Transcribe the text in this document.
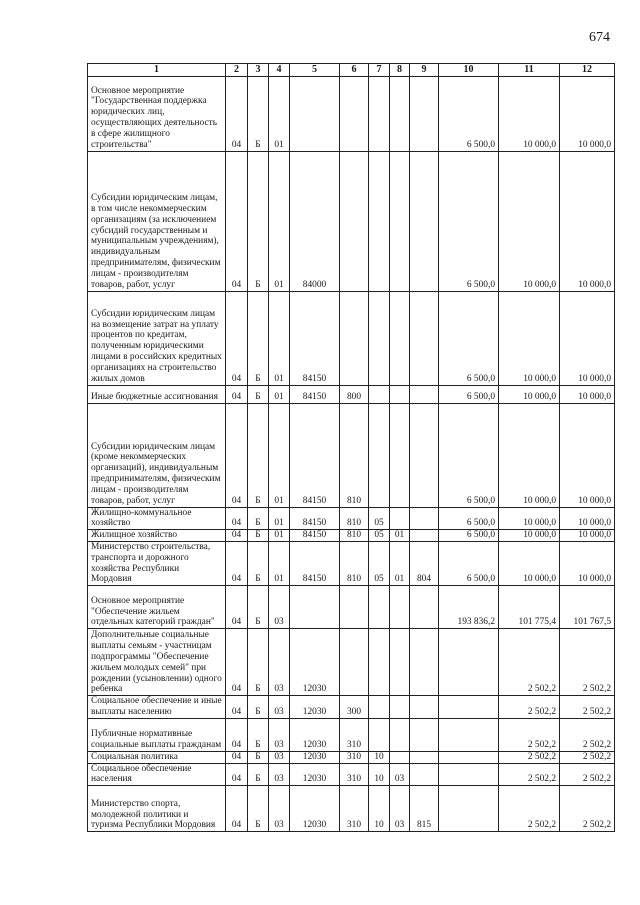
674
1	2	3	4	5	6	7	8	9	10	11	12
Основное мероприятие "Государственная поддержка юридических лиц, осуществляющих деятельность в сфере жилищного строительства"	04	Б	01						6 500,0	10 000,0	10 000,0
Субсидии юридическим лицам, в том числе некоммерческим организациям (за исключением субсидий государственным и муниципальным учреждениям), индивидуальным предпринимателям, физическим лицам - производителям товаров, работ, услуг	04	Б	01	84000					6 500,0	10 000,0	10 000,0
Субсидии юридическим лицам на возмещение затрат на уплату процентов по кредитам, полученным юридическими лицами в российских кредитных организациях на строительство жилых домов	04	Б	01	84150					6 500,0	10 000,0	10 000,0
Иные бюджетные ассигнования	04	Б	01	84150	800				6 500,0	10 000,0	10 000,0
Субсидии юридическим лицам (кроме некоммерческих организаций), индивидуальным предпринимателям, физическим лицам - производителям товаров, работ, услуг	04	Б	01	84150	810				6 500,0	10 000,0	10 000,0
Жилищно-коммунальное хозяйство	04	Б	01	84150	810	05			6 500,0	10 000,0	10 000,0
Жилищное хозяйство	04	Б	01	84150	810	05	01		6 500,0	10 000,0	10 000,0
Министерство строительства, транспорта и дорожного хозяйства Республики Мордовия	04	Б	01	84150	810	05	01	804	6 500,0	10 000,0	10 000,0
Основное мероприятие "Обеспечение жильем отдельных категорий граждан"	04	Б	03						193 836,2	101 775,4	101 767,5
Дополнительные социальные выплаты семьям - участницам подпрограммы "Обеспечение жильем молодых семей" при рождении (усыновлении) одного ребенка	04	Б	03	12030						2 502,2	2 502,2
Социальное обеспечение и иные выплаты населению	04	Б	03	12030	300					2 502,2	2 502,2
Публичные нормативные социальные выплаты гражданам	04	Б	03	12030	310					2 502,2	2 502,2
Социальная политика	04	Б	03	12030	310	10				2 502,2	2 502,2
Социальное обеспечение населения	04	Б	03	12030	310	10	03			2 502,2	2 502,2
Министерство спорта, молодежной политики и туризма Республики Мордовия	04	Б	03	12030	310	10	03	815		2 502,2	2 502,2
